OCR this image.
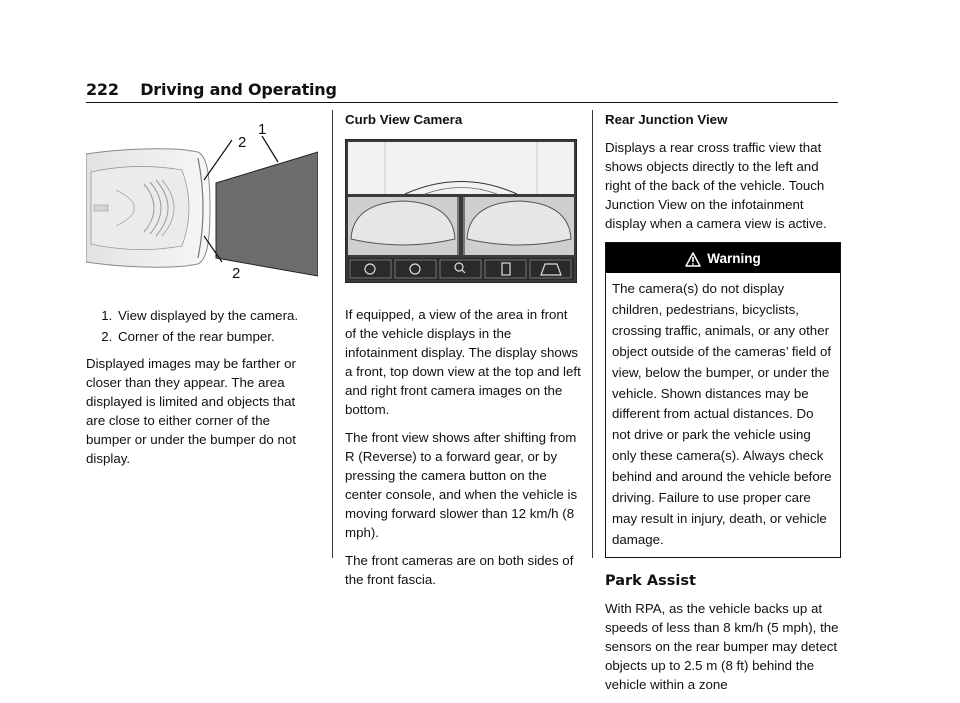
222 Driving and Operating
2
1
2
1. View displayed by the camera.
2. Corner of the rear bumper.

Displayed images may be farther or closer than they appear. The area displayed is limited and objects that are close to either corner of the bumper or under the bumper do not display.

Curb View Camera

If equipped, a view of the area in front of the vehicle displays in the infotainment display. The display shows a front, top down view at the top and left and right front camera images on the bottom.

The front view shows after shifting from R (Reverse) to a forward gear, or by pressing the camera button on the center console, and when the vehicle is moving forward slower than 12 km/h (8 mph).

The front cameras are on both sides of the front fascia.

Rear Junction View

Displays a rear cross traffic view that shows objects directly to the left and right of the back of the vehicle. Touch Junction View on the infotainment display when a camera view is active.

Warning
The camera(s) do not display children, pedestrians, bicyclists, crossing traffic, animals, or any other object outside of the cameras’ field of view, below the bumper, or under the vehicle. Shown distances may be different from actual distances. Do not drive or park the vehicle using only these camera(s). Always check behind and around the vehicle before driving. Failure to use proper care may result in injury, death, or vehicle damage.
Park Assist

With RPA, as the vehicle backs up at speeds of less than 8 km/h (5 mph), the sensors on the rear bumper may detect objects up to 2.5 m (8 ft) behind the vehicle within a zone
